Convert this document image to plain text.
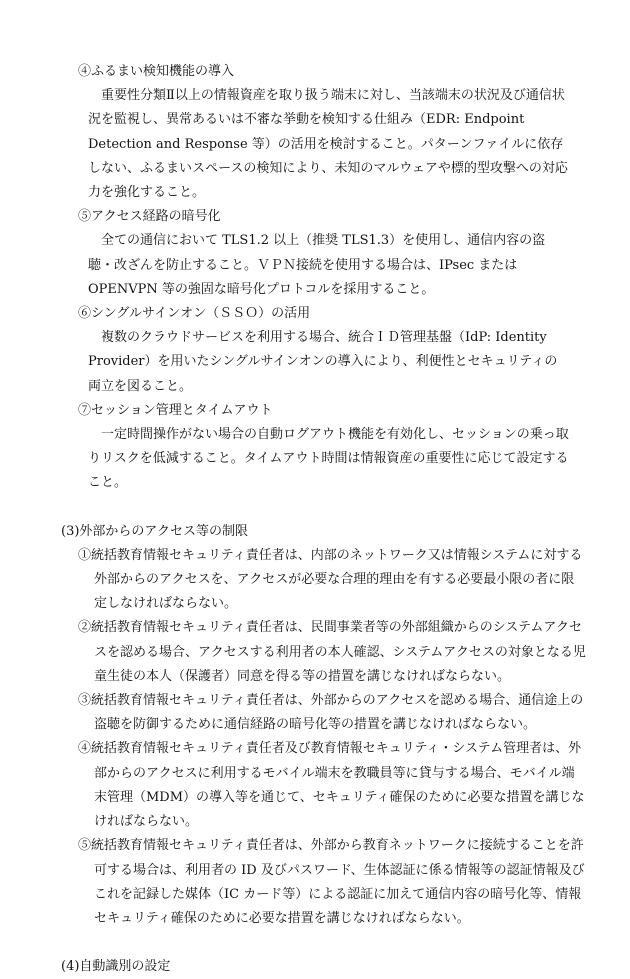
④ふるまい検知機能の導入

重要性分類Ⅱ以上の情報資産を取り扱う端末に対し、当該端末の状況及び通信状況を監視し、異常あるいは不審な挙動を検知する仕組み（EDR: Endpoint Detection and Response 等）の活用を検討すること。パターンファイルに依存しない、ふるまいスペースの検知により、未知のマルウェアや標的型攻撃への対応力を強化すること。

⑤アクセス経路の暗号化

全ての通信において TLS1.2 以上（推奨 TLS1.3）を使用し、通信内容の盗聴・改ざんを防止すること。ＶＰＮ接続を使用する場合は、IPsec または OPENVPN 等の強固な暗号化プロトコルを採用すること。

⑥シングルサインオン（ＳＳＯ）の活用

複数のクラウドサービスを利用する場合、統合ＩＤ管理基盤（IdP: Identity Provider）を用いたシングルサインオンの導入により、利便性とセキュリティの両立を図ること。

⑦セッション管理とタイムアウト

一定時間操作がない場合の自動ログアウト機能を有効化し、セッションの乗っ取りリスクを低減すること。タイムアウト時間は情報資産の重要性に応じて設定すること。

(3)外部からのアクセス等の制限

①統括教育情報セキュリティ責任者は、内部のネットワーク又は情報システムに対する外部からのアクセスを、アクセスが必要な合理的理由を有する必要最小限の者に限定しなければならない。

②統括教育情報セキュリティ責任者は、民間事業者等の外部組織からのシステムアクセスを認める場合、アクセスする利用者の本人確認、システムアクセスの対象となる児童生徒の本人（保護者）同意を得る等の措置を講じなければならない。

③統括教育情報セキュリティ責任者は、外部からのアクセスを認める場合、通信途上の盗聴を防御するために通信経路の暗号化等の措置を講じなければならない。

④統括教育情報セキュリティ責任者及び教育情報セキュリティ・システム管理者は、外部からのアクセスに利用するモバイル端末を教職員等に貸与する場合、モバイル端末管理（MDM）の導入等を通じて、セキュリティ確保のために必要な措置を講じなければならない。

⑤統括教育情報セキュリティ責任者は、外部から教育ネットワークに接続することを許可する場合は、利用者の ID 及びパスワード、生体認証に係る情報等の認証情報及びこれを記録した媒体（IC カード等）による認証に加えて通信内容の暗号化等、情報セキュリティ確保のために必要な措置を講じなければならない。

(4)自動識別の設定
